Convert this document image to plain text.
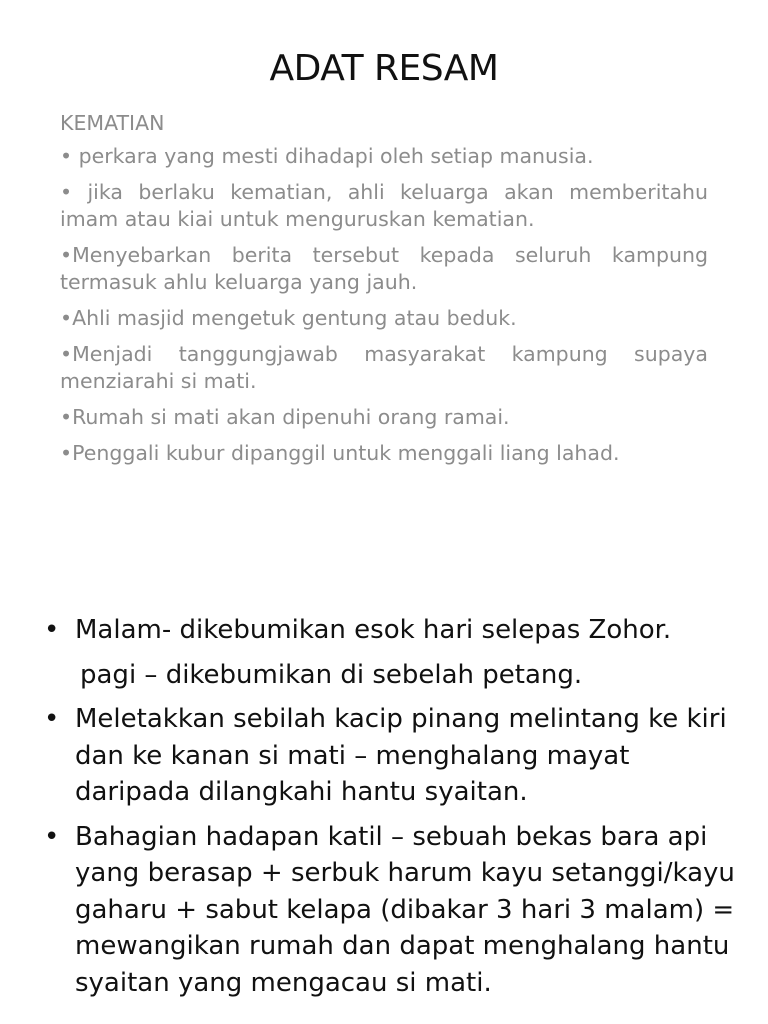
ADAT RESAM
KEMATIAN
• perkara yang mesti dihadapi oleh setiap manusia.
• jika berlaku kematian, ahli keluarga akan memberitahu imam atau kiai untuk menguruskan kematian.
•Menyebarkan berita tersebut kepada seluruh kampung termasuk ahlu keluarga yang jauh.
•Ahli masjid mengetuk gentung atau beduk.
•Menjadi tanggungjawab masyarakat kampung supaya menziarahi si mati.
•Rumah si mati akan dipenuhi orang ramai.
•Penggali kubur dipanggil untuk menggali liang lahad.
• Malam- dikebumikan esok hari selepas Zohor.
pagi – dikebumikan di sebelah petang.
• Meletakkan sebilah kacip pinang melintang ke kiri dan ke kanan si mati – menghalang mayat daripada dilangkahi hantu syaitan.
• Bahagian hadapan katil – sebuah bekas bara api yang berasap + serbuk harum kayu setanggi/kayu gaharu + sabut kelapa (dibakar 3 hari 3 malam) = mewangikan rumah dan dapat menghalang hantu syaitan yang mengacau si mati.
